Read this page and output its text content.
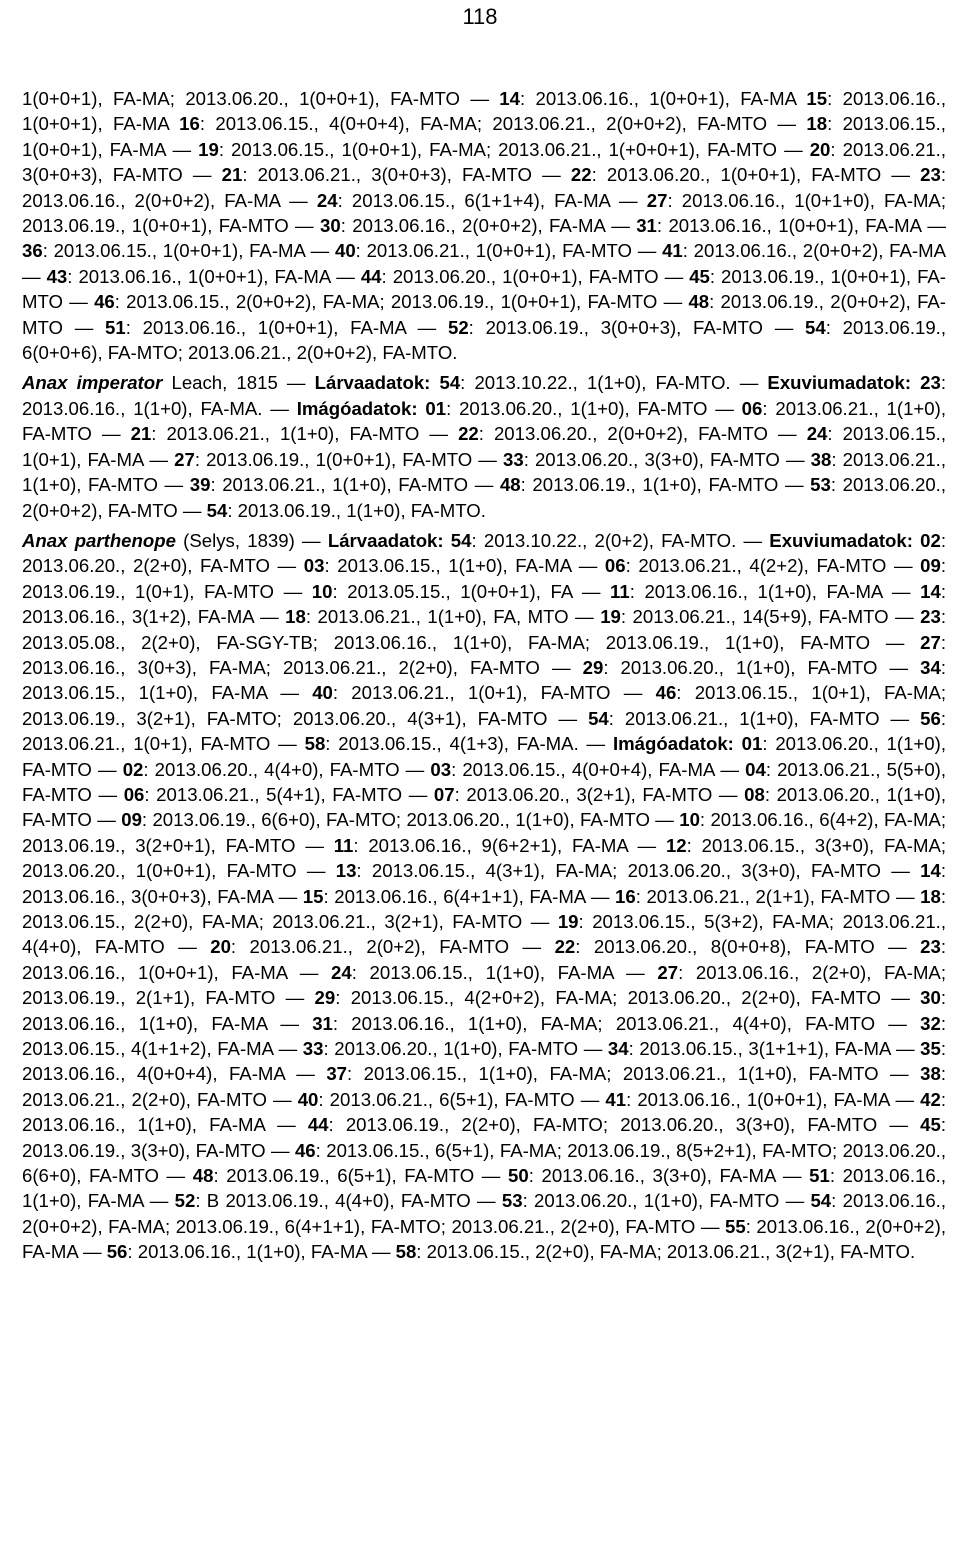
118

1(0+0+1), FA-MA; 2013.06.20., 1(0+0+1), FA-MTO — 14: 2013.06.16., 1(0+0+1), FA-MA 15: 2013.06.16., 1(0+0+1), FA-MA 16: 2013.06.15., 4(0+0+4), FA-MA; 2013.06.21., 2(0+0+2), FA-MTO — 18: 2013.06.15., 1(0+0+1), FA-MA — 19: 2013.06.15., 1(0+0+1), FA-MA; 2013.06.21., 1(+0+0+1), FA-MTO — 20: 2013.06.21., 3(0+0+3), FA-MTO — 21: 2013.06.21., 3(0+0+3), FA-MTO — 22: 2013.06.20., 1(0+0+1), FA-MTO — 23: 2013.06.16., 2(0+0+2), FA-MA — 24: 2013.06.15., 6(1+1+4), FA-MA — 27: 2013.06.16., 1(0+1+0), FA-MA; 2013.06.19., 1(0+0+1), FA-MTO — 30: 2013.06.16., 2(0+0+2), FA-MA — 31: 2013.06.16., 1(0+0+1), FA-MA — 36: 2013.06.15., 1(0+0+1), FA-MA — 40: 2013.06.21., 1(0+0+1), FA-MTO — 41: 2013.06.16., 2(0+0+2), FA-MA — 43: 2013.06.16., 1(0+0+1), FA-MA — 44: 2013.06.20., 1(0+0+1), FA-MTO — 45: 2013.06.19., 1(0+0+1), FA-MTO — 46: 2013.06.15., 2(0+0+2), FA-MA; 2013.06.19., 1(0+0+1), FA-MTO — 48: 2013.06.19., 2(0+0+2), FA-MTO — 51: 2013.06.16., 1(0+0+1), FA-MA — 52: 2013.06.19., 3(0+0+3), FA-MTO — 54: 2013.06.19., 6(0+0+6), FA-MTO; 2013.06.21., 2(0+0+2), FA-MTO.

Anax imperator Leach, 1815 — Lárvaadatok: 54: 2013.10.22., 1(1+0), FA-MTO. — Exuviumadatok: 23: 2013.06.16., 1(1+0), FA-MA. — Imágóadatok: 01: 2013.06.20., 1(1+0), FA-MTO — 06: 2013.06.21., 1(1+0), FA-MTO — 21: 2013.06.21., 1(1+0), FA-MTO — 22: 2013.06.20., 2(0+0+2), FA-MTO — 24: 2013.06.15., 1(0+1), FA-MA — 27: 2013.06.19., 1(0+0+1), FA-MTO — 33: 2013.06.20., 3(3+0), FA-MTO — 38: 2013.06.21., 1(1+0), FA-MTO — 39: 2013.06.21., 1(1+0), FA-MTO — 48: 2013.06.19., 1(1+0), FA-MTO — 53: 2013.06.20., 2(0+0+2), FA-MTO — 54: 2013.06.19., 1(1+0), FA-MTO.

Anax parthenope (Selys, 1839) — Lárvaadatok: 54: 2013.10.22., 2(0+2), FA-MTO. — Exuviumadatok: 02: 2013.06.20., 2(2+0), FA-MTO — 03: 2013.06.15., 1(1+0), FA-MA — 06: 2013.06.21., 4(2+2), FA-MTO — 09: 2013.06.19., 1(0+1), FA-MTO — 10: 2013.05.15., 1(0+0+1), FA — 11: 2013.06.16., 1(1+0), FA-MA — 14: 2013.06.16., 3(1+2), FA-MA — 18: 2013.06.21., 1(1+0), FA, MTO — 19: 2013.06.21., 14(5+9), FA-MTO — 23: 2013.05.08., 2(2+0), FA-SGY-TB; 2013.06.16., 1(1+0), FA-MA; 2013.06.19., 1(1+0), FA-MTO — 27: 2013.06.16., 3(0+3), FA-MA; 2013.06.21., 2(2+0), FA-MTO — 29: 2013.06.20., 1(1+0), FA-MTO — 34: 2013.06.15., 1(1+0), FA-MA — 40: 2013.06.21., 1(0+1), FA-MTO — 46: 2013.06.15., 1(0+1), FA-MA; 2013.06.19., 3(2+1), FA-MTO; 2013.06.20., 4(3+1), FA-MTO — 54: 2013.06.21., 1(1+0), FA-MTO — 56: 2013.06.21., 1(0+1), FA-MTO — 58: 2013.06.15., 4(1+3), FA-MA. — Imágóadatok: 01: 2013.06.20., 1(1+0), FA-MTO — 02: 2013.06.20., 4(4+0), FA-MTO — 03: 2013.06.15., 4(0+0+4), FA-MA — 04: 2013.06.21., 5(5+0), FA-MTO — 06: 2013.06.21., 5(4+1), FA-MTO — 07: 2013.06.20., 3(2+1), FA-MTO — 08: 2013.06.20., 1(1+0), FA-MTO — 09: 2013.06.19., 6(6+0), FA-MTO; 2013.06.20., 1(1+0), FA-MTO — 10: 2013.06.16., 6(4+2), FA-MA; 2013.06.19., 3(2+0+1), FA-MTO — 11: 2013.06.16., 9(6+2+1), FA-MA — 12: 2013.06.15., 3(3+0), FA-MA; 2013.06.20., 1(0+0+1), FA-MTO — 13: 2013.06.15., 4(3+1), FA-MA; 2013.06.20., 3(3+0), FA-MTO — 14: 2013.06.16., 3(0+0+3), FA-MA — 15: 2013.06.16., 6(4+1+1), FA-MA — 16: 2013.06.21., 2(1+1), FA-MTO — 18: 2013.06.15., 2(2+0), FA-MA; 2013.06.21., 3(2+1), FA-MTO — 19: 2013.06.15., 5(3+2), FA-MA; 2013.06.21., 4(4+0), FA-MTO — 20: 2013.06.21., 2(0+2), FA-MTO — 22: 2013.06.20., 8(0+0+8), FA-MTO — 23: 2013.06.16., 1(0+0+1), FA-MA — 24: 2013.06.15., 1(1+0), FA-MA — 27: 2013.06.16., 2(2+0), FA-MA; 2013.06.19., 2(1+1), FA-MTO — 29: 2013.06.15., 4(2+0+2), FA-MA; 2013.06.20., 2(2+0), FA-MTO — 30: 2013.06.16., 1(1+0), FA-MA — 31: 2013.06.16., 1(1+0), FA-MA; 2013.06.21., 4(4+0), FA-MTO — 32: 2013.06.15., 4(1+1+2), FA-MA — 33: 2013.06.20., 1(1+0), FA-MTO — 34: 2013.06.15., 3(1+1+1), FA-MA — 35: 2013.06.16., 4(0+0+4), FA-MA — 37: 2013.06.15., 1(1+0), FA-MA; 2013.06.21., 1(1+0), FA-MTO — 38: 2013.06.21., 2(2+0), FA-MTO — 40: 2013.06.21., 6(5+1), FA-MTO — 41: 2013.06.16., 1(0+0+1), FA-MA — 42: 2013.06.16., 1(1+0), FA-MA — 44: 2013.06.19., 2(2+0), FA-MTO; 2013.06.20., 3(3+0), FA-MTO — 45: 2013.06.19., 3(3+0), FA-MTO — 46: 2013.06.15., 6(5+1), FA-MA; 2013.06.19., 8(5+2+1), FA-MTO; 2013.06.20., 6(6+0), FA-MTO — 48: 2013.06.19., 6(5+1), FA-MTO — 50: 2013.06.16., 3(3+0), FA-MA — 51: 2013.06.16., 1(1+0), FA-MA — 52: B 2013.06.19., 4(4+0), FA-MTO — 53: 2013.06.20., 1(1+0), FA-MTO — 54: 2013.06.16., 2(0+0+2), FA-MA; 2013.06.19., 6(4+1+1), FA-MTO; 2013.06.21., 2(2+0), FA-MTO — 55: 2013.06.16., 2(0+0+2), FA-MA — 56: 2013.06.16., 1(1+0), FA-MA — 58: 2013.06.15., 2(2+0), FA-MA; 2013.06.21., 3(2+1), FA-MTO.
